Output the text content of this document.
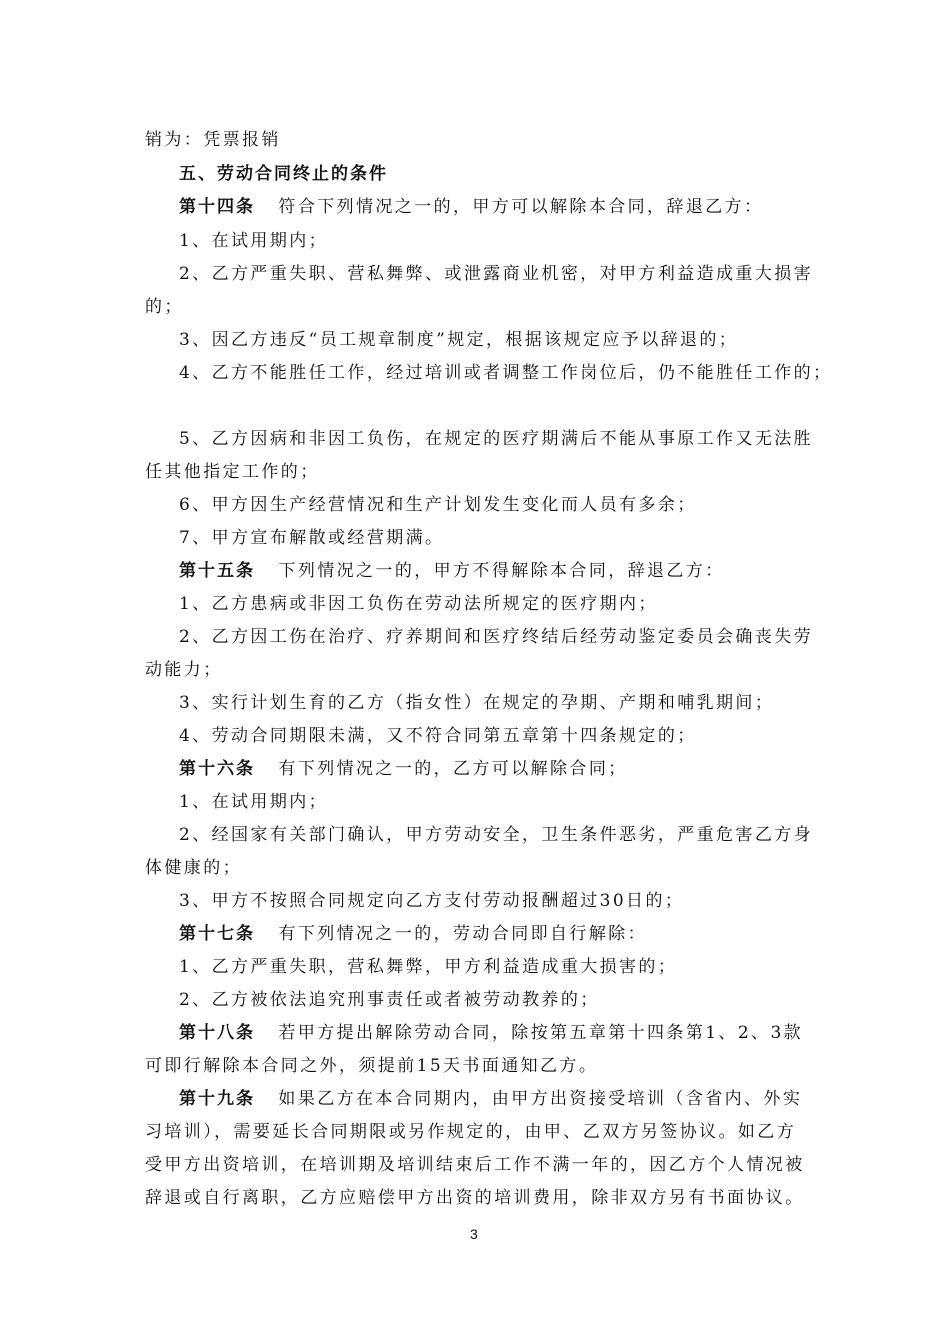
销为：凭票报销
五、劳动合同终止的条件
第十四条 符合下列情况之一的，甲方可以解除本合同，辞退乙方：
1、在试用期内；
2、乙方严重失职、营私舞弊、或泄露商业机密，对甲方利益造成重大损害
的；
3、因乙方违反“员工规章制度”规定，根据该规定应予以辞退的；
4、乙方不能胜任工作，经过培训或者调整工作岗位后，仍不能胜任工作的；
5、乙方因病和非因工负伤，在规定的医疗期满后不能从事原工作又无法胜
任其他指定工作的；
6、甲方因生产经营情况和生产计划发生变化而人员有多余；
7、甲方宣布解散或经营期满。
第十五条 下列情况之一的，甲方不得解除本合同，辞退乙方：
1、乙方患病或非因工负伤在劳动法所规定的医疗期内；
2、乙方因工伤在治疗、疗养期间和医疗终结后经劳动鉴定委员会确丧失劳
动能力；
3、实行计划生育的乙方（指女性）在规定的孕期、产期和哺乳期间；
4、劳动合同期限未满，又不符合同第五章第十四条规定的；
第十六条 有下列情况之一的，乙方可以解除合同；
1、在试用期内；
2、经国家有关部门确认，甲方劳动安全，卫生条件恶劣，严重危害乙方身
体健康的；
3、甲方不按照合同规定向乙方支付劳动报酬超过30日的；
第十七条 有下列情况之一的，劳动合同即自行解除：
1、乙方严重失职，营私舞弊，甲方利益造成重大损害的；
2、乙方被依法追究刑事责任或者被劳动教养的；
第十八条 若甲方提出解除劳动合同，除按第五章第十四条第1、2、3款
可即行解除本合同之外，须提前15天书面通知乙方。
第十九条 如果乙方在本合同期内，由甲方出资接受培训（含省内、外实
习培训），需要延长合同期限或另作规定的，由甲、乙双方另签协议。如乙方
受甲方出资培训，在培训期及培训结束后工作不满一年的，因乙方个人情况被
辞退或自行离职，乙方应赔偿甲方出资的培训费用，除非双方另有书面协议。
3
